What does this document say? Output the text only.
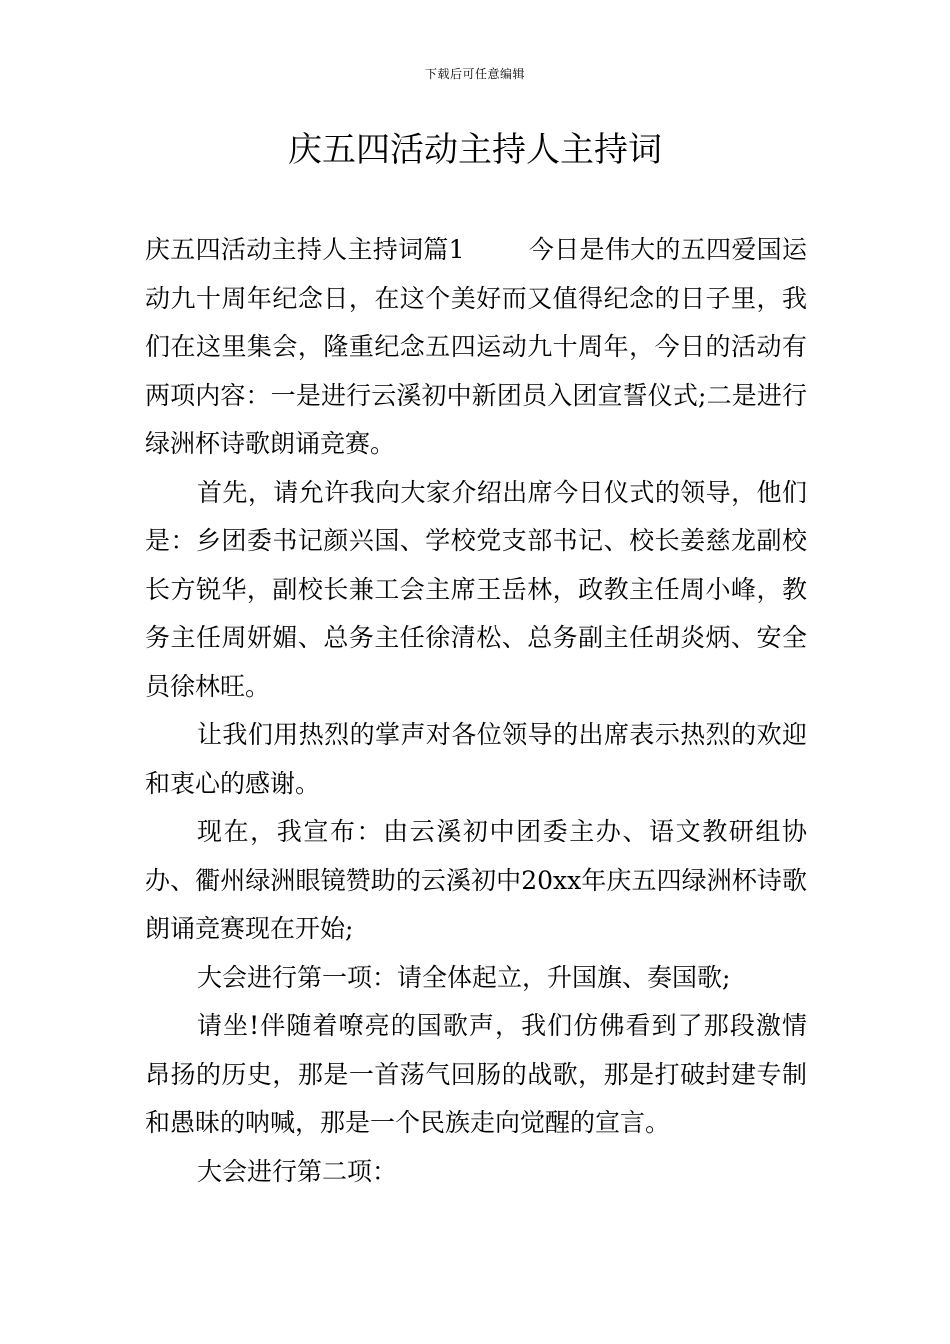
下载后可任意编辑
庆五四活动主持人主持词

庆五四活动主持人主持词篇1	今日是伟大的五四爱国运动九十周年纪念日，在这个美好而又值得纪念的日子里，我们在这里集会，隆重纪念五四运动九十周年，今日的活动有两项内容：一是进行云溪初中新团员入团宣誓仪式;二是进行绿洲杯诗歌朗诵竞赛。

首先，请允许我向大家介绍出席今日仪式的领导，他们是：乡团委书记颜兴国、学校党支部书记、校长姜慈龙副校长方锐华，副校长兼工会主席王岳林，政教主任周小峰，教务主任周妍媚、总务主任徐清松、总务副主任胡炎炳、安全员徐林旺。

让我们用热烈的掌声对各位领导的出席表示热烈的欢迎和衷心的感谢。

现在，我宣布：由云溪初中团委主办、语文教研组协办、衢州绿洲眼镜赞助的云溪初中20xx年庆五四绿洲杯诗歌朗诵竞赛现在开始;

大会进行第一项：请全体起立，升国旗、奏国歌;

请坐!伴随着嘹亮的国歌声，我们仿佛看到了那段激情昂扬的历史，那是一首荡气回肠的战歌，那是打破封建专制和愚昧的呐喊，那是一个民族走向觉醒的宣言。

大会进行第二项：
